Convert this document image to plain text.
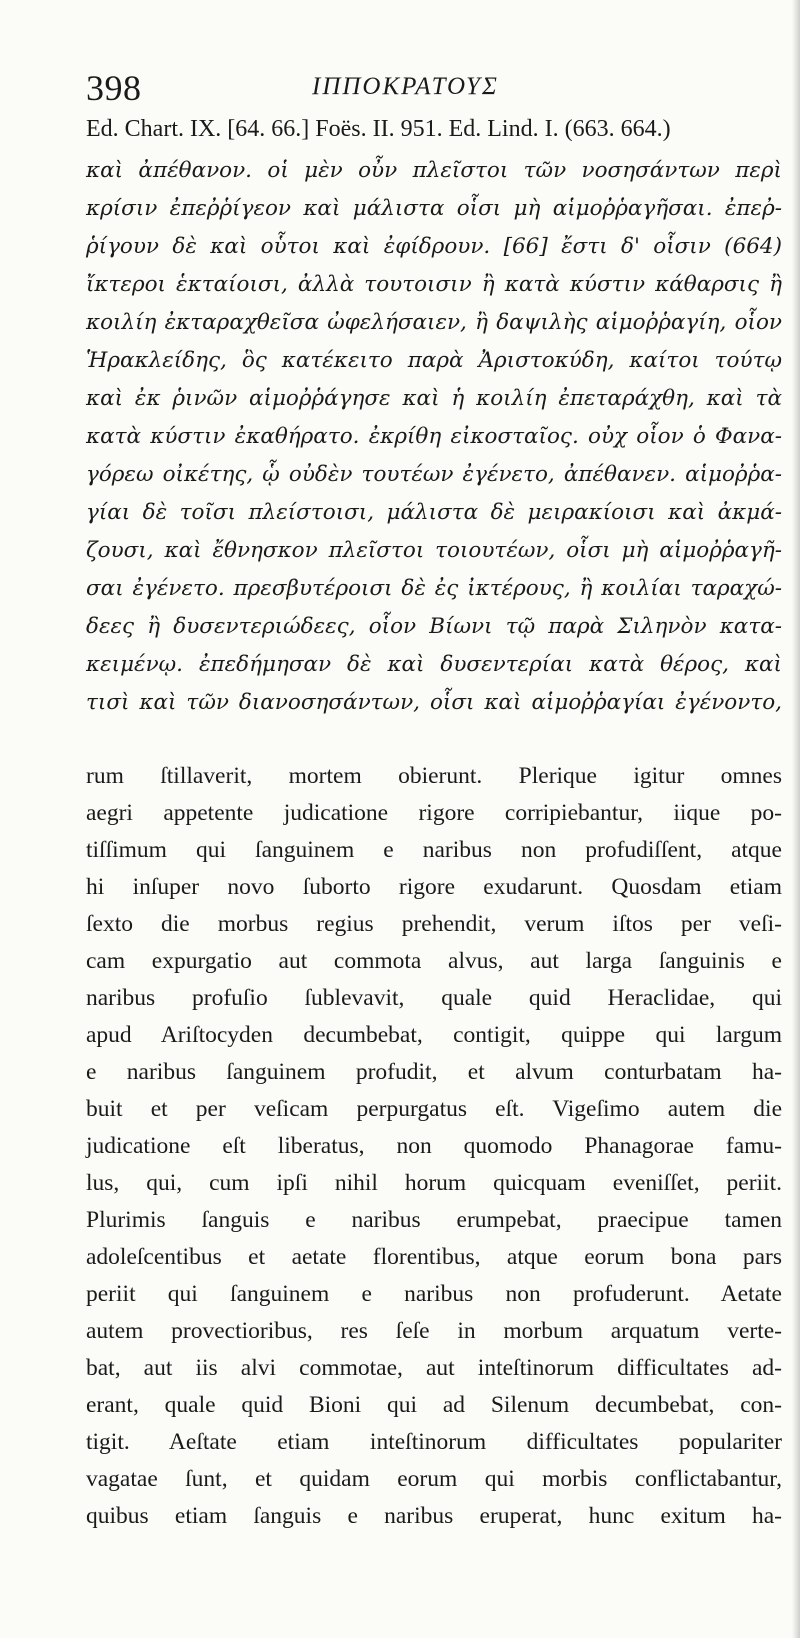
398	ΙΠΠΟΚΡΑΤΟΥΣ
Ed. Chart. IX. [64. 66.] Foës. II. 951. Ed. Lind. I. (663. 664.)
καὶ ἀπέθανον. οἱ μὲν οὖν πλεῖστοι τῶν νοσησάντων περὶ
κρίσιν ἐπεῤῥίγεον καὶ μάλιστα οἷσι μὴ αἱμοῤῥαγῆσαι. ἐπεῤ-
ῥίγουν δὲ καὶ οὗτοι καὶ ἐφίδρουν. [66] ἔστι δ' οἷσιν (664)
ἴκτεροι ἑκταίοισι, ἀλλὰ τουτοισιν ἢ κατὰ κύστιν κάθαρσις ἢ
κοιλίη ἐκταραχθεῖσα ὠφελήσαιεν, ἢ δαψιλὴς αἱμοῤῥαγίη, οἷον
Ἡρακλείδης, ὃς κατέκειτο παρὰ Ἀριστοκύδη, καίτοι τούτῳ
καὶ ἐκ ῥινῶν αἱμοῤῥάγησε καὶ ἡ κοιλίη ἐπεταράχθη, καὶ τὰ
κατὰ κύστιν ἐκαθήρατο. ἐκρίθη εἰκοσταῖος. οὐχ οἷον ὁ Φανα-
γόρεω οἰκέτης, ᾧ οὐδὲν τουτέων ἐγένετο, ἀπέθανεν. αἱμοῤῥα-
γίαι δὲ τοῖσι πλείστοισι, μάλιστα δὲ μειρακίοισι καὶ ἀκμά-
ζουσι, καὶ ἔθνησκον πλεῖστοι τοιουτέων, οἷσι μὴ αἱμοῤῥαγῆ-
σαι ἐγένετο. πρεσβυτέροισι δὲ ἐς ἰκτέρους, ἢ κοιλίαι ταραχώ-
δεες ἢ δυσεντεριώδεες, οἷον Βίωνι τῷ παρὰ Σιληνὸν κατα-
κειμένῳ. ἐπεδήμησαν δὲ καὶ δυσεντερίαι κατὰ θέρος, καὶ
τισὶ καὶ τῶν διανοσησάντων, οἷσι καὶ αἱμοῤῥαγίαι ἐγένοντο,
rum ſtillaverit, mortem obierunt. Plerique igitur omnes
aegri appetente judicatione rigore corripiebantur, iique po-
tiſſimum qui ſanguinem e naribus non profudiſſent, atque
hi inſuper novo ſuborto rigore exudarunt. Quosdam etiam
ſexto die morbus regius prehendit, verum iſtos per veſi-
cam expurgatio aut commota alvus, aut larga ſanguinis e
naribus profuſio ſublevavit, quale quid Heraclidae, qui
apud Ariſtocyden decumbebat, contigit, quippe qui largum
e naribus ſanguinem profudit, et alvum conturbatam ha-
buit et per veſicam perpurgatus eſt. Vigeſimo autem die
judicatione eſt liberatus, non quomodo Phanagorae famu-
lus, qui, cum ipſi nihil horum quicquam eveniſſet, periit.
Plurimis ſanguis e naribus erumpebat, praecipue tamen
adoleſcentibus et aetate florentibus, atque eorum bona pars
periit qui ſanguinem e naribus non profuderunt. Aetate
autem provectioribus, res ſeſe in morbum arquatum verte-
bat, aut iis alvi commotae, aut inteſtinorum difficultates ad-
erant, quale quid Bioni qui ad Silenum decumbebat, con-
tigit. Aeſtate etiam inteſtinorum difficultates populariter
vagatae ſunt, et quidam eorum qui morbis conflictabantur,
quibus etiam ſanguis e naribus eruperat, hunc exitum ha-
